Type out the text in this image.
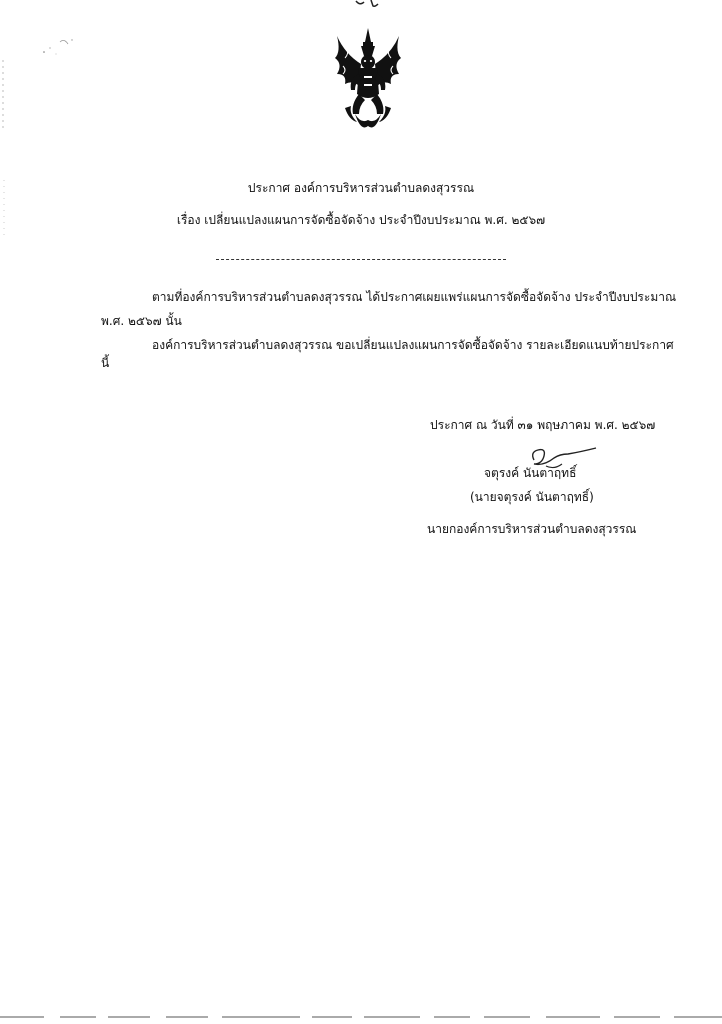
ประกาศ องค์การบริหารส่วนตำบลดงสุวรรณ
เรื่อง เปลี่ยนแปลงแผนการจัดซื้อจัดจ้าง ประจำปีงบประมาณ พ.ศ. ๒๕๖๗
ตามที่องค์การบริหารส่วนตำบลดงสุวรรณ ได้ประกาศเผยแพร่แผนการจัดซื้อจัดจ้าง ประจำปีงบประมาณ
พ.ศ. ๒๕๖๗ นั้น
องค์การบริหารส่วนตำบลดงสุวรรณ ขอเปลี่ยนแปลงแผนการจัดซื้อจัดจ้าง รายละเอียดแนบท้ายประกาศ
นี้
ประกาศ ณ วันที่ ๓๑ พฤษภาคม พ.ศ. ๒๕๖๗
จตุรงค์ นันตาฤทธิ์
(นายจตุรงค์ นันตาฤทธิ์)
นายกองค์การบริหารส่วนตำบลดงสุวรรณ
